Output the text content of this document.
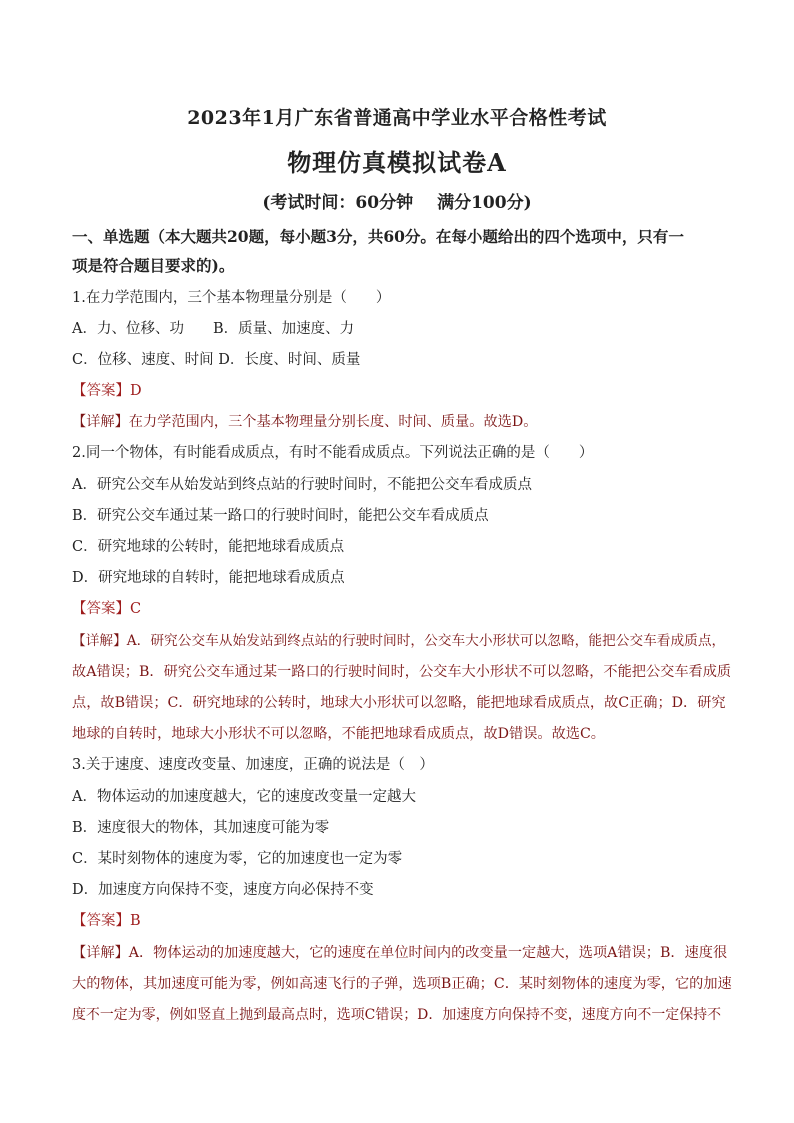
2023年1月广东省普通高中学业水平合格性考试
物理仿真模拟试卷A
(考试时间：60分钟 满分100分)
一、单选题（本大题共20题，每小题3分，共60分。在每小题给出的四个选项中，只有一
项是符合题目要求的)。
1.在力学范围内，三个基本物理量分别是（　　）
A．力、位移、功　　B．质量、加速度、力
C．位移、速度、时间 D．长度、时间、质量
【答案】D
【详解】在力学范围内，三个基本物理量分别长度、时间、质量。故选D。
2.同一个物体，有时能看成质点，有时不能看成质点。下列说法正确的是（　　）
A．研究公交车从始发站到终点站的行驶时间时，不能把公交车看成质点
B．研究公交车通过某一路口的行驶时间时，能把公交车看成质点
C．研究地球的公转时，能把地球看成质点
D．研究地球的自转时，能把地球看成质点
【答案】C
【详解】A．研究公交车从始发站到终点站的行驶时间时，公交车大小形状可以忽略，能把公交车看成质点，
故A错误；B．研究公交车通过某一路口的行驶时间时，公交车大小形状不可以忽略，不能把公交车看成质
点，故B错误；C．研究地球的公转时，地球大小形状可以忽略，能把地球看成质点，故C正确；D．研究
地球的自转时，地球大小形状不可以忽略，不能把地球看成质点，故D错误。故选C。
3.关于速度、速度改变量、加速度，正确的说法是（　）
A．物体运动的加速度越大，它的速度改变量一定越大
B．速度很大的物体，其加速度可能为零
C．某时刻物体的速度为零，它的加速度也一定为零
D．加速度方向保持不变，速度方向必保持不变
【答案】B
【详解】A．物体运动的加速度越大，它的速度在单位时间内的改变量一定越大，选项A错误；B．速度很
大的物体，其加速度可能为零，例如高速飞行的子弹，选项B正确；C．某时刻物体的速度为零，它的加速
度不一定为零，例如竖直上抛到最高点时，选项C错误；D．加速度方向保持不变，速度方向不一定保持不
